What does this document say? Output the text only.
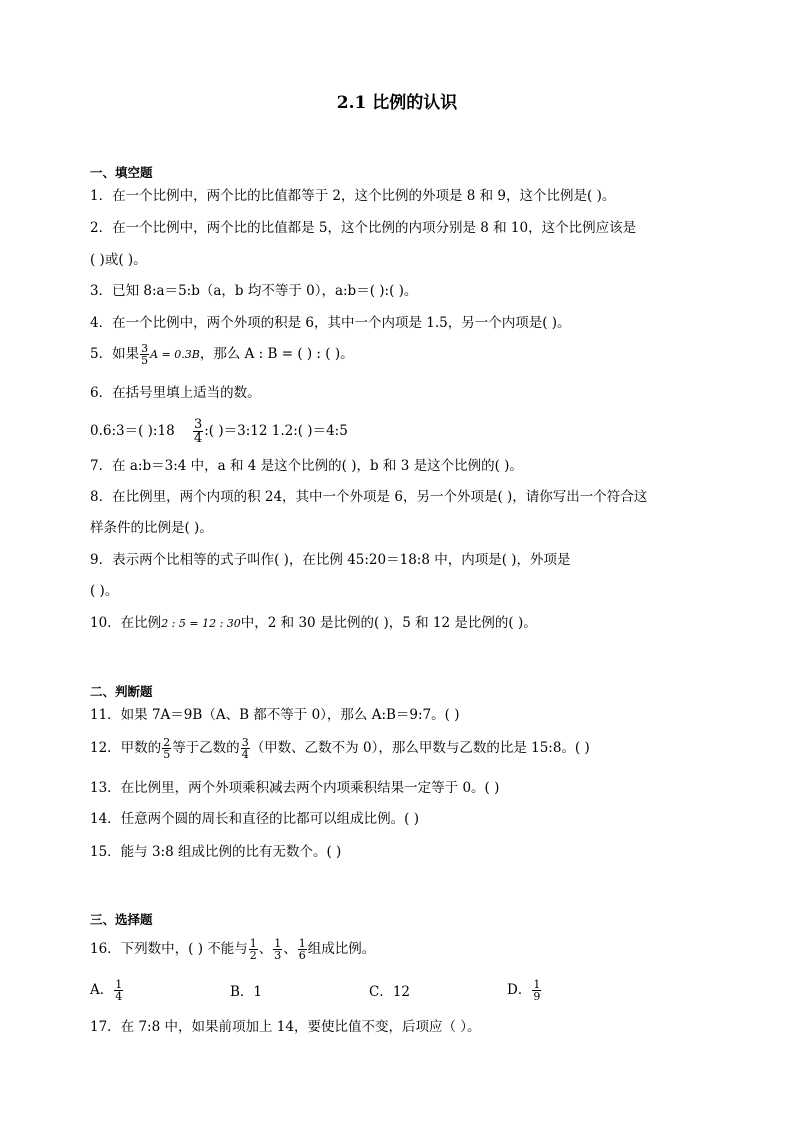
2.1 比例的认识
一、填空题
1．在一个比例中，两个比的比值都等于 2，这个比例的外项是 8 和 9，这个比例是( )。
2．在一个比例中，两个比的比值都是 5，这个比例的内项分别是 8 和 10，这个比例应该是
( )或( )。
3．已知 8:a＝5:b（a，b 均不等于 0），a:b＝( ):( )。
4．在一个比例中，两个外项的积是 6，其中一个内项是 1.5，另一个内项是( )。
5．如果 $\frac{3}{5}$ A = 0.3B，那么 A : B = ( ) : ( )。
6．在括号里填上适当的数。
0.6:3＝( ):18 $\frac{3}{4}$ :( )＝3:12 1.2:( )＝4:5
7．在 a:b＝3:4 中，a 和 4 是这个比例的( )，b 和 3 是这个比例的( )。
8．在比例里，两个内项的积 24，其中一个外项是 6，另一个外项是( )，请你写出一个符合这
样条件的比例是( )。
9．表示两个比相等的式子叫作( )，在比例 45:20＝18:8 中，内项是( )，外项是
( )。
10．在比例2 : 5 = 12 : 30中，2 和 30 是比例的( )，5 和 12 是比例的( )。
二、判断题
11．如果 7A＝9B（A、B 都不等于 0），那么 A:B＝9:7。( )
12．甲数的 $\frac{2}{5}$ 等于乙数的 $\frac{3}{4}$ （甲数、乙数不为 0），那么甲数与乙数的比是 15:8。( )
13．在比例里，两个外项乘积减去两个内项乘积结果一定等于 0。( )
14．任意两个圆的周长和直径的比都可以组成比例。( )
15．能与 3:8 组成比例的比有无数个。( )
三、选择题
16．下列数中，( ) 不能与 $\frac{1}{2}$ 、 $\frac{1}{3}$ 、 $\frac{1}{6}$ 组成比例。
A． $\frac{1}{4}$	B．1	C．12	D． $\frac{1}{9}$
17．在 7:8 中，如果前项加上 14，要使比值不变，后项应（ ）。
